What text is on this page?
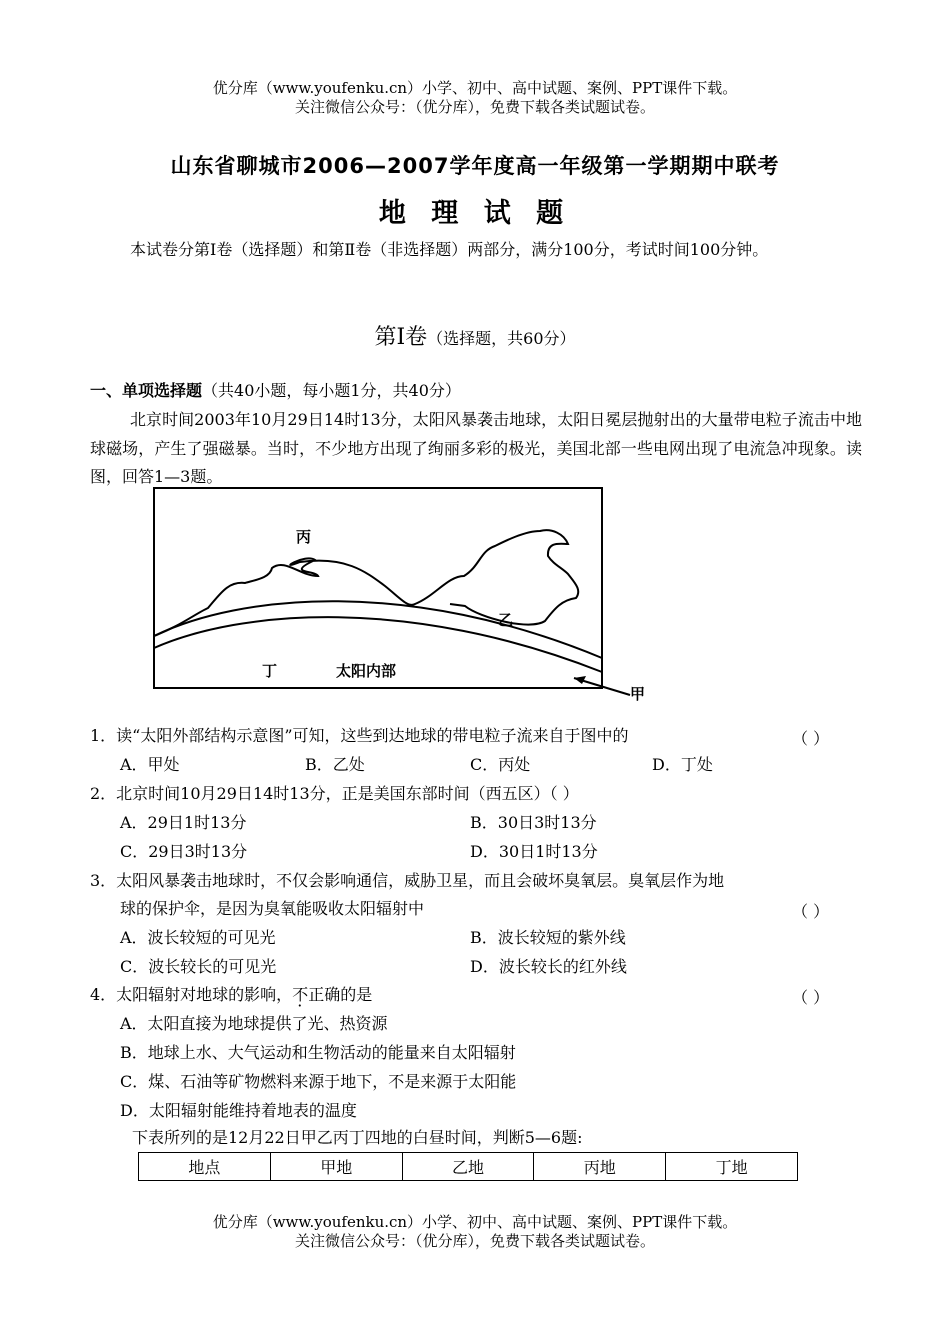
优分库（www.youfenku.cn）小学、初中、高中试题、案例、PPT课件下载。
关注微信公众号：（优分库），免费下载各类试题试卷。
山东省聊城市2006—2007学年度高一年级第一学期期中联考
地 理 试 题
本试卷分第Ⅰ卷（选择题）和第Ⅱ卷（非选择题）两部分，满分100分，考试时间100分钟。
第Ⅰ卷（选择题，共60分）
一、单项选择题（共40小题，每小题1分，共40分）
北京时间2003年10月29日14时13分，太阳风暴袭击地球，太阳日冕层抛射出的大量带电粒子流击中地球磁场，产生了强磁暴。当时，不少地方出现了绚丽多彩的极光，美国北部一些电网出现了电流急冲现象。读图，回答1—3题。
丙
乙
丁	太阳内部
甲
1．读“太阳外部结构示意图”可知，这些到达地球的带电粒子流来自于图中的	（ ）
A．甲处	B．乙处	C．丙处	D．丁处
2．北京时间10月29日14时13分，正是美国东部时间（西五区）（ ）
A．29日1时13分	B．30日3时13分
C．29日3时13分	D．30日1时13分
3．太阳风暴袭击地球时，不仅会影响通信，威胁卫星，而且会破坏臭氧层。臭氧层作为地
球的保护伞，是因为臭氧能吸收太阳辐射中	（ ）
A．波长较短的可见光	B．波长较短的紫外线
C．波长较长的可见光	D．波长较长的红外线
4．太阳辐射对地球的影响，不正确的是	（ ）
A．太阳直接为地球提供了光、热资源
B．地球上水、大气运动和生物活动的能量来自太阳辐射
C．煤、石油等矿物燃料来源于地下，不是来源于太阳能
D．太阳辐射能维持着地表的温度
下表所列的是12月22日甲乙丙丁四地的白昼时间，判断5—6题:
地点	甲地	乙地	丙地	丁地
优分库（www.youfenku.cn）小学、初中、高中试题、案例、PPT课件下载。
关注微信公众号：（优分库），免费下载各类试题试卷。
